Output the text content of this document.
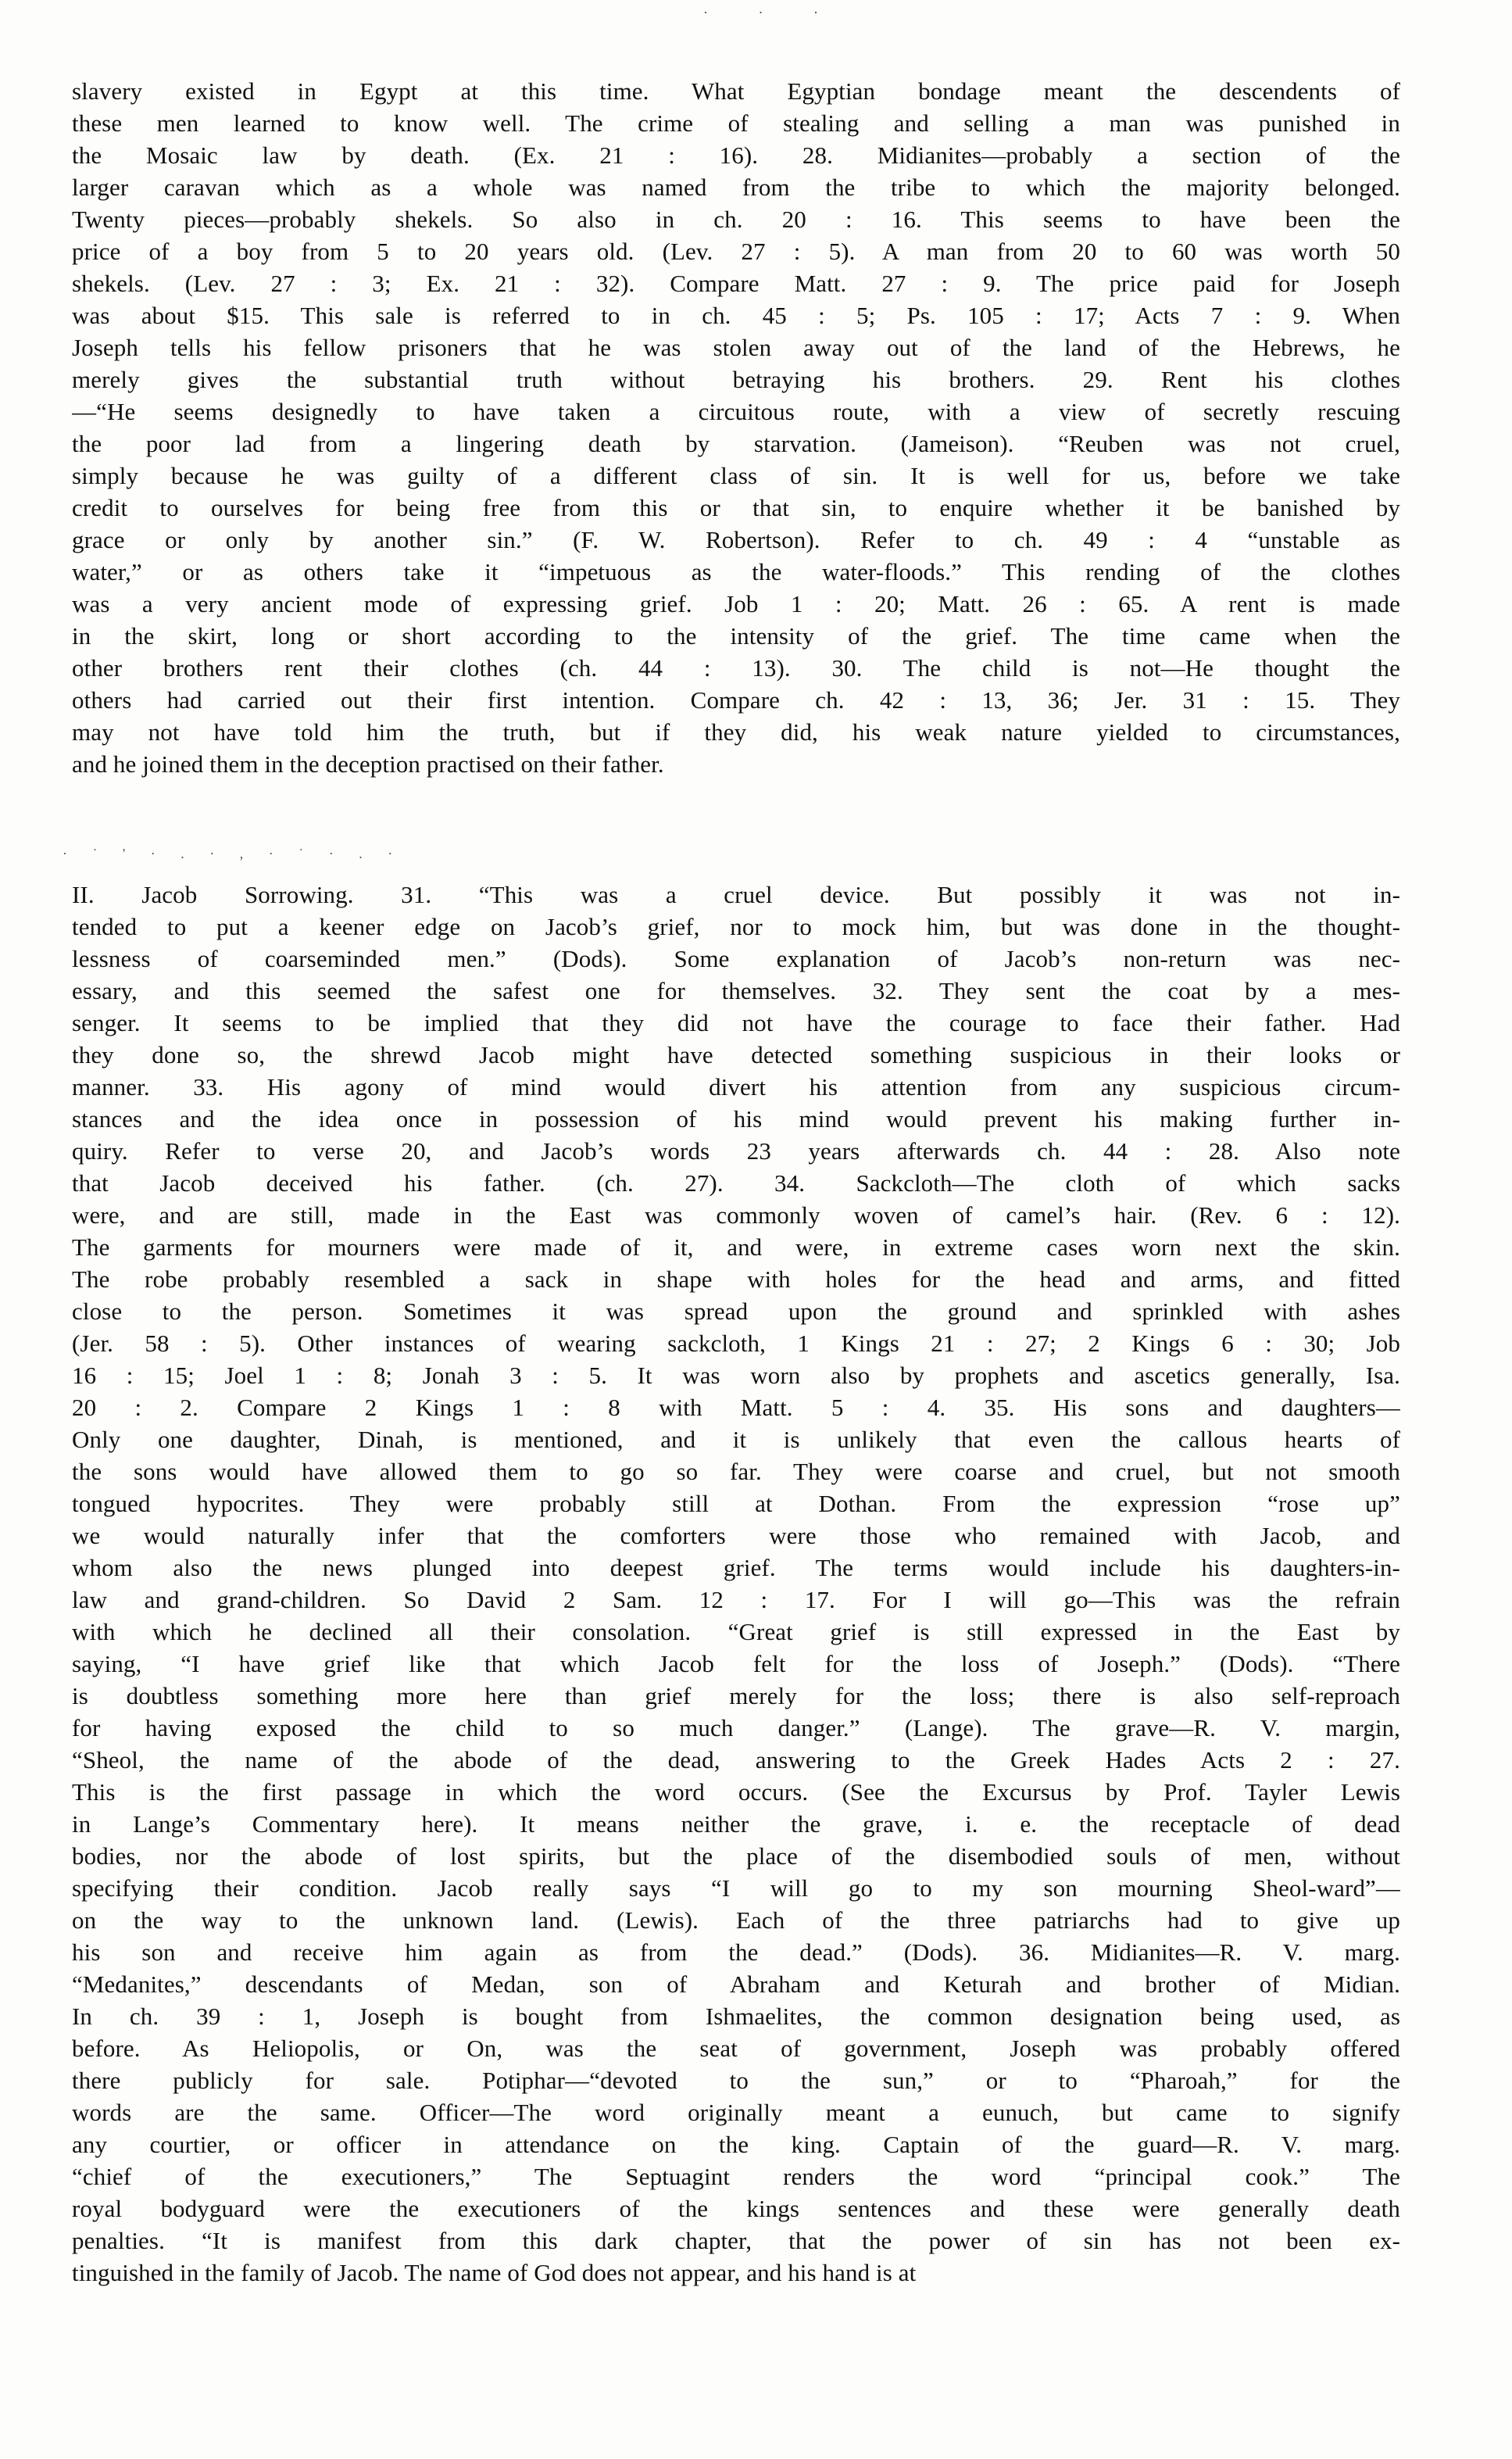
· · ·
slavery existed in Egypt at this time. What Egyptian bondage meant the descendents of
these men learned to know well. The crime of stealing and selling a man was punished in
the Mosaic law by death. (Ex. 21 : 16). 28. Midianites—probably a section of the
larger caravan which as a whole was named from the tribe to which the majority belonged.
Twenty pieces—probably shekels. So also in ch. 20 : 16. This seems to have been the
price of a boy from 5 to 20 years old. (Lev. 27 : 5). A man from 20 to 60 was worth 50
shekels. (Lev. 27 : 3; Ex. 21 : 32). Compare Matt. 27 : 9. The price paid for Joseph
was about $15. This sale is referred to in ch. 45 : 5; Ps. 105 : 17; Acts 7 : 9. When
Joseph tells his fellow prisoners that he was stolen away out of the land of the Hebrews, he
merely gives the substantial truth without betraying his brothers. 29. Rent his clothes
—“He seems designedly to have taken a circuitous route, with a view of secretly rescuing
the poor lad from a lingering death by starvation. (Jameison). “Reuben was not cruel,
simply because he was guilty of a different class of sin. It is well for us, before we take
credit to ourselves for being free from this or that sin, to enquire whether it be banished by
grace or only by another sin.” (F. W. Robertson). Refer to ch. 49 : 4 “unstable as
water,” or as others take it “impetuous as the water-floods.” This rending of the clothes
was a very ancient mode of expressing grief. Job 1 : 20; Matt. 26 : 65. A rent is made
in the skirt, long or short according to the intensity of the grief. The time came when the
other brothers rent their clothes (ch. 44 : 13). 30. The child is not—He thought the
others had carried out their first intention. Compare ch. 42 : 13, 36; Jer. 31 : 15. They
may not have told him the truth, but if they did, his weak nature yielded to circumstances,
and he joined them in the deception practised on their father.
· ˙ ' · . · , · ˙ · . ·
II. Jacob Sorrowing. 31. “This was a cruel device. But possibly it was not in-
tended to put a keener edge on Jacob’s grief, nor to mock him, but was done in the thought-
lessness of coarseminded men.” (Dods). Some explanation of Jacob’s non-return was nec-
essary, and this seemed the safest one for themselves. 32. They sent the coat by a mes-
senger. It seems to be implied that they did not have the courage to face their father. Had
they done so, the shrewd Jacob might have detected something suspicious in their looks or
manner. 33. His agony of mind would divert his attention from any suspicious circum-
stances and the idea once in possession of his mind would prevent his making further in-
quiry. Refer to verse 20, and Jacob’s words 23 years afterwards ch. 44 : 28. Also note
that Jacob deceived his father. (ch. 27). 34. Sackcloth—The cloth of which sacks
were, and are still, made in the East was commonly woven of camel’s hair. (Rev. 6 : 12).
The garments for mourners were made of it, and were, in extreme cases worn next the skin.
The robe probably resembled a sack in shape with holes for the head and arms, and fitted
close to the person. Sometimes it was spread upon the ground and sprinkled with ashes
(Jer. 58 : 5). Other instances of wearing sackcloth, 1 Kings 21 : 27; 2 Kings 6 : 30; Job
16 : 15; Joel 1 : 8; Jonah 3 : 5. It was worn also by prophets and ascetics generally, Isa.
20 : 2. Compare 2 Kings 1 : 8 with Matt. 5 : 4. 35. His sons and daughters—
Only one daughter, Dinah, is mentioned, and it is unlikely that even the callous hearts of
the sons would have allowed them to go so far. They were coarse and cruel, but not smooth
tongued hypocrites. They were probably still at Dothan. From the expression “rose up”
we would naturally infer that the comforters were those who remained with Jacob, and
whom also the news plunged into deepest grief. The terms would include his daughters-in-
law and grand-children. So David 2 Sam. 12 : 17. For I will go—This was the refrain
with which he declined all their consolation. “Great grief is still expressed in the East by
saying, “I have grief like that which Jacob felt for the loss of Joseph.” (Dods). “There
is doubtless something more here than grief merely for the loss; there is also self-reproach
for having exposed the child to so much danger.” (Lange). The grave—R. V. margin,
“Sheol, the name of the abode of the dead, answering to the Greek Hades Acts 2 : 27.
This is the first passage in which the word occurs. (See the Excursus by Prof. Tayler Lewis
in Lange’s Commentary here). It means neither the grave, i. e. the receptacle of dead
bodies, nor the abode of lost spirits, but the place of the disembodied souls of men, without
specifying their condition. Jacob really says “I will go to my son mourning Sheol-ward”—
on the way to the unknown land. (Lewis). Each of the three patriarchs had to give up
his son and receive him again as from the dead.” (Dods). 36. Midianites—R. V. marg.
“Medanites,” descendants of Medan, son of Abraham and Keturah and brother of Midian.
In ch. 39 : 1, Joseph is bought from Ishmaelites, the common designation being used, as
before. As Heliopolis, or On, was the seat of government, Joseph was probably offered
there publicly for sale. Potiphar—“devoted to the sun,” or to “Pharoah,” for the
words are the same. Officer—The word originally meant a eunuch, but came to signify
any courtier, or officer in attendance on the king. Captain of the guard—R. V. marg.
“chief of the executioners,” The Septuagint renders the word “principal cook.” The
royal bodyguard were the executioners of the kings sentences and these were generally death
penalties. “It is manifest from this dark chapter, that the power of sin has not been ex-
tinguished in the family of Jacob. The name of God does not appear, and his hand is at
